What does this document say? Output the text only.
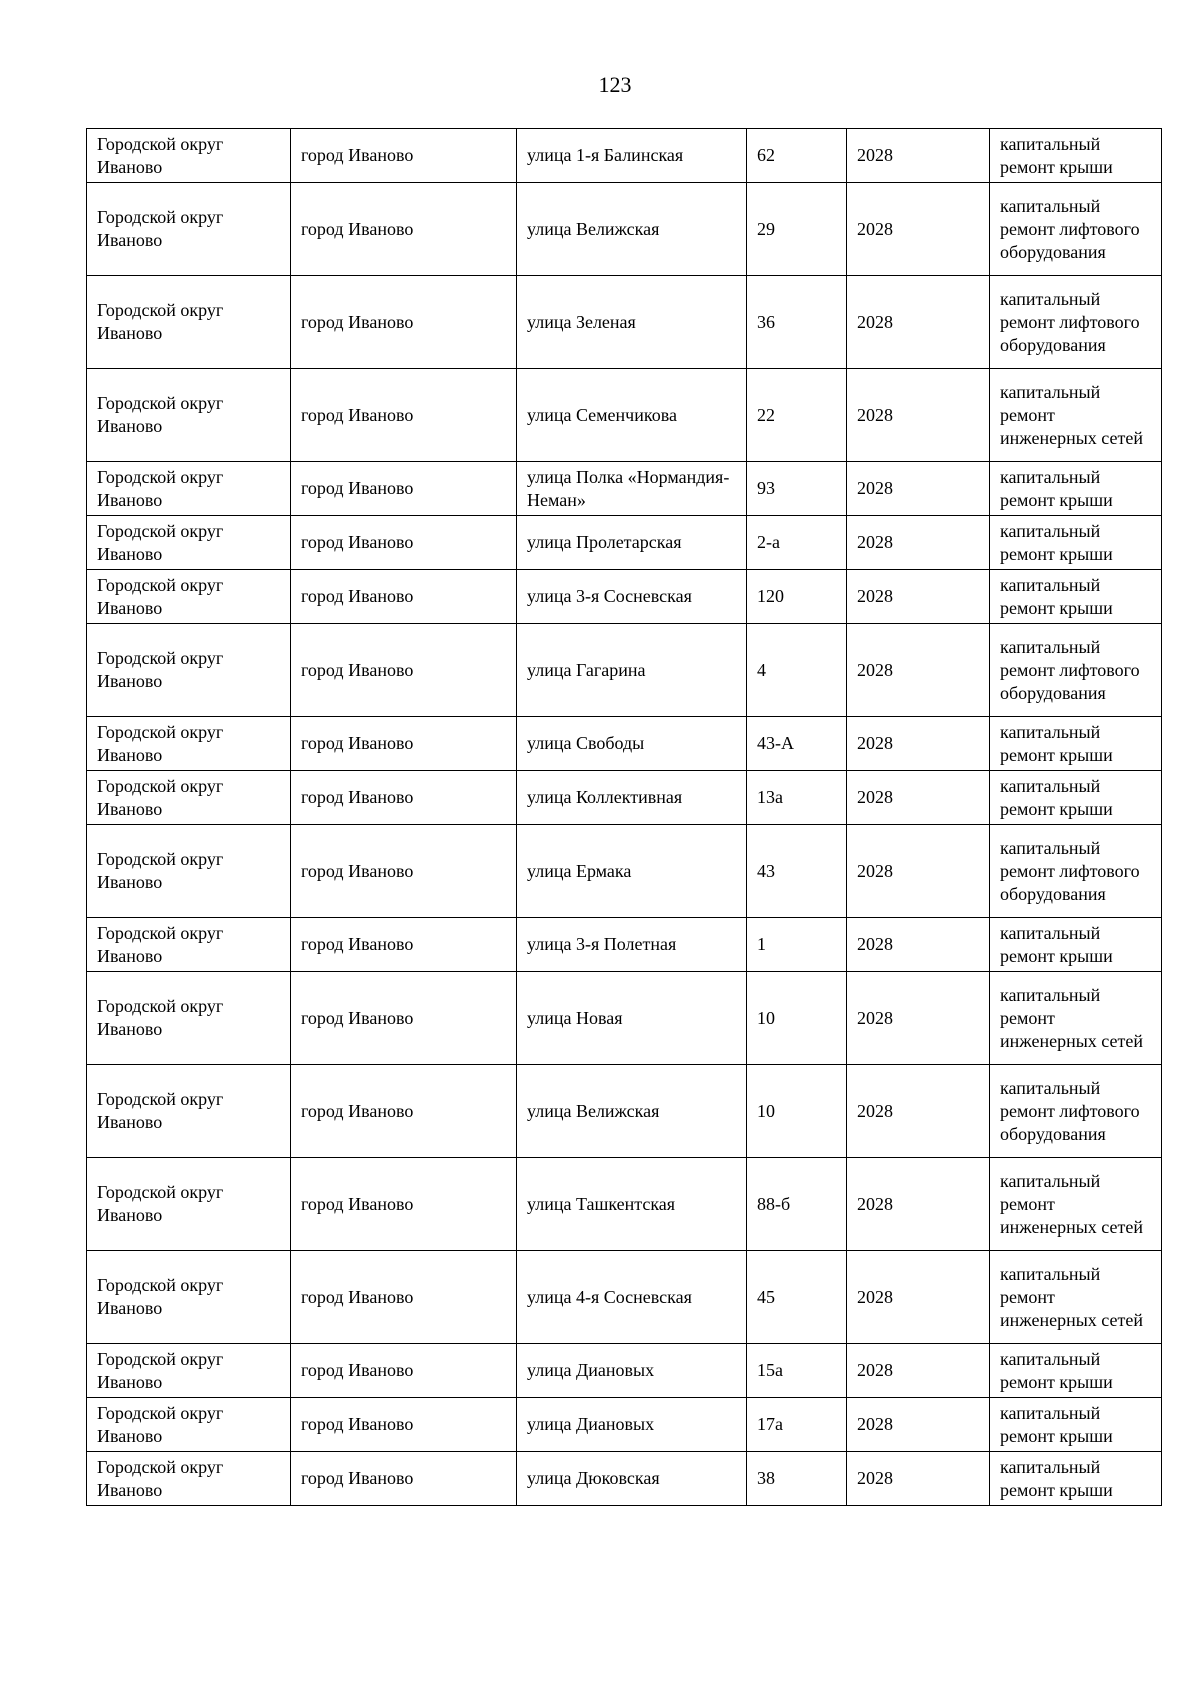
123
Городской округ Иваново	город Иваново	улица 1-я Балинская	62	2028	капитальный ремонт крыши

Городской округ Иваново	город Иваново	улица Велижская	29	2028	капитальный ремонт лифтового оборудования

Городской округ Иваново	город Иваново	улица Зеленая	36	2028	капитальный ремонт лифтового оборудования

Городской округ Иваново	город Иваново	улица Семенчикова	22	2028	капитальный ремонт инженерных сетей

Городской округ Иваново	город Иваново	улица Полка «Нормандия-Неман»	93	2028	капитальный ремонт крыши

Городской округ Иваново	город Иваново	улица Пролетарская	2-а	2028	капитальный ремонт крыши

Городской округ Иваново	город Иваново	улица 3-я Сосневская	120	2028	капитальный ремонт крыши

Городской округ Иваново	город Иваново	улица Гагарина	4	2028	капитальный ремонт лифтового оборудования

Городской округ Иваново	город Иваново	улица Свободы	43-А	2028	капитальный ремонт крыши

Городской округ Иваново	город Иваново	улица Коллективная	13а	2028	капитальный ремонт крыши

Городской округ Иваново	город Иваново	улица Ермака	43	2028	капитальный ремонт лифтового оборудования

Городской округ Иваново	город Иваново	улица 3-я Полетная	1	2028	капитальный ремонт крыши

Городской округ Иваново	город Иваново	улица Новая	10	2028	капитальный ремонт инженерных сетей

Городской округ Иваново	город Иваново	улица Велижская	10	2028	капитальный ремонт лифтового оборудования

Городской округ Иваново	город Иваново	улица Ташкентская	88-б	2028	капитальный ремонт инженерных сетей

Городской округ Иваново	город Иваново	улица 4-я Сосневская	45	2028	капитальный ремонт инженерных сетей

Городской округ Иваново	город Иваново	улица Диановых	15а	2028	капитальный ремонт крыши

Городской округ Иваново	город Иваново	улица Диановых	17а	2028	капитальный ремонт крыши

Городской округ Иваново	город Иваново	улица Дюковская	38	2028	капитальный ремонт крыши
